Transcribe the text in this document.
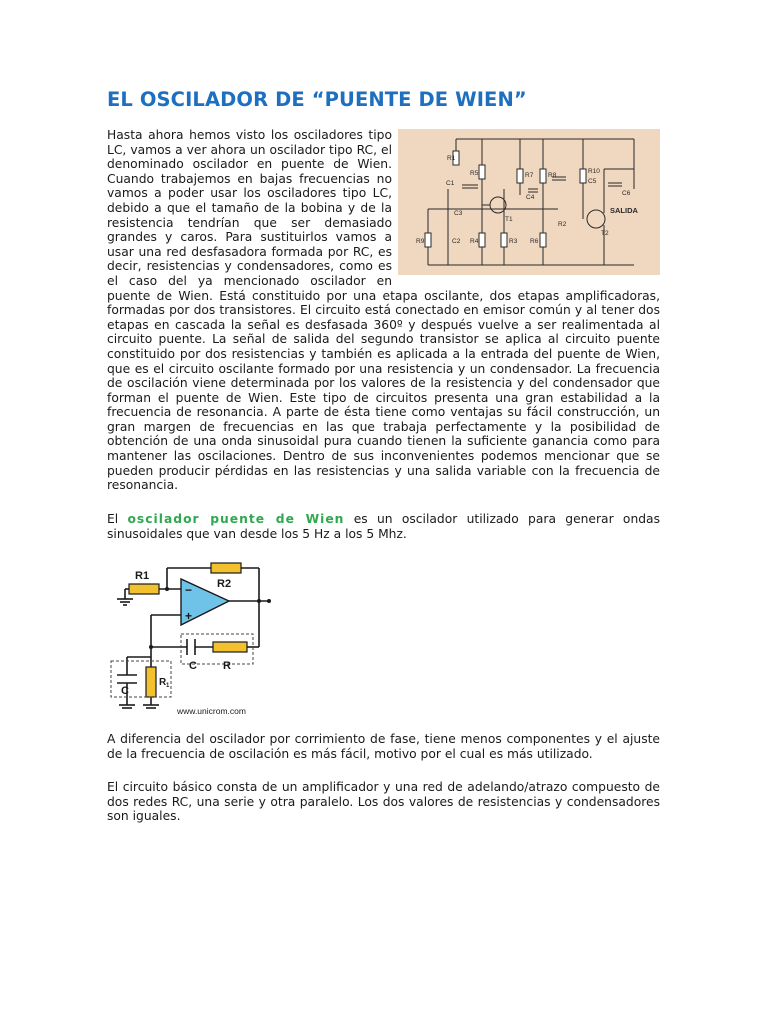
EL OSCILADOR DE “PUENTE DE WIEN”
R1
C1
R5	R7 R8
R10
C5
C6
C4
C3
T1
T2
R2
R9	C2 R4	R3 R6
SALIDA
Hasta ahora hemos visto los osciladores tipo LC, vamos a ver ahora un oscilador tipo RC, el denominado oscilador en puente de Wien. Cuando trabajemos en bajas frecuencias no vamos a poder usar los osciladores tipo LC, debido a que el tamaño de la bobina y de la resistencia tendrían que ser demasiado grandes y caros. Para sustituirlos vamos a usar una red desfasadora formada por RC, es decir, resistencias y condensadores, como es el caso del ya mencionado oscilador en puente de Wien. Está constituido por una etapa oscilante, dos etapas amplificadoras, formadas por dos transistores. El circuito está conectado en emisor común y al tener dos etapas en cascada la señal es desfasada 360º y después vuelve a ser realimentada al circuito puente. La señal de salida del segundo transistor se aplica al circuito puente constituido por dos resistencias y también es aplicada a la entrada del puente de Wien, que es el circuito oscilante formado por una resistencia y un condensador. La frecuencia de oscilación viene determinada por los valores de la resistencia y del condensador que forman el puente de Wien. Este tipo de circuitos presenta una gran estabilidad a la frecuencia de resonancia. A parte de ésta tiene como ventajas su fácil construcción, un gran margen de frecuencias en las que trabaja perfectamente y la posibilidad de obtención de una onda sinusoidal pura cuando tienen la suficiente ganancia como para mantener las oscilaciones. Dentro de sus inconvenientes podemos mencionar que se pueden producir pérdidas en las resistencias y una salida variable con la frecuencia de resonancia.

El oscilador puente de Wien es un oscilador utilizado para generar ondas sinusoidales que van desde los 5 Hz a los 5 Mhz.

R1
R2
−
+
C R
C
R 1
www.unicrom.com

A diferencia del oscilador por corrimiento de fase, tiene menos componentes y el ajuste de la frecuencia de oscilación es más fácil, motivo por el cual es más utilizado.

El circuito básico consta de un amplificador y una red de adelando/atrazo compuesto de dos redes RC, una serie y otra paralelo. Los dos valores de resistencias y condensadores son iguales.
